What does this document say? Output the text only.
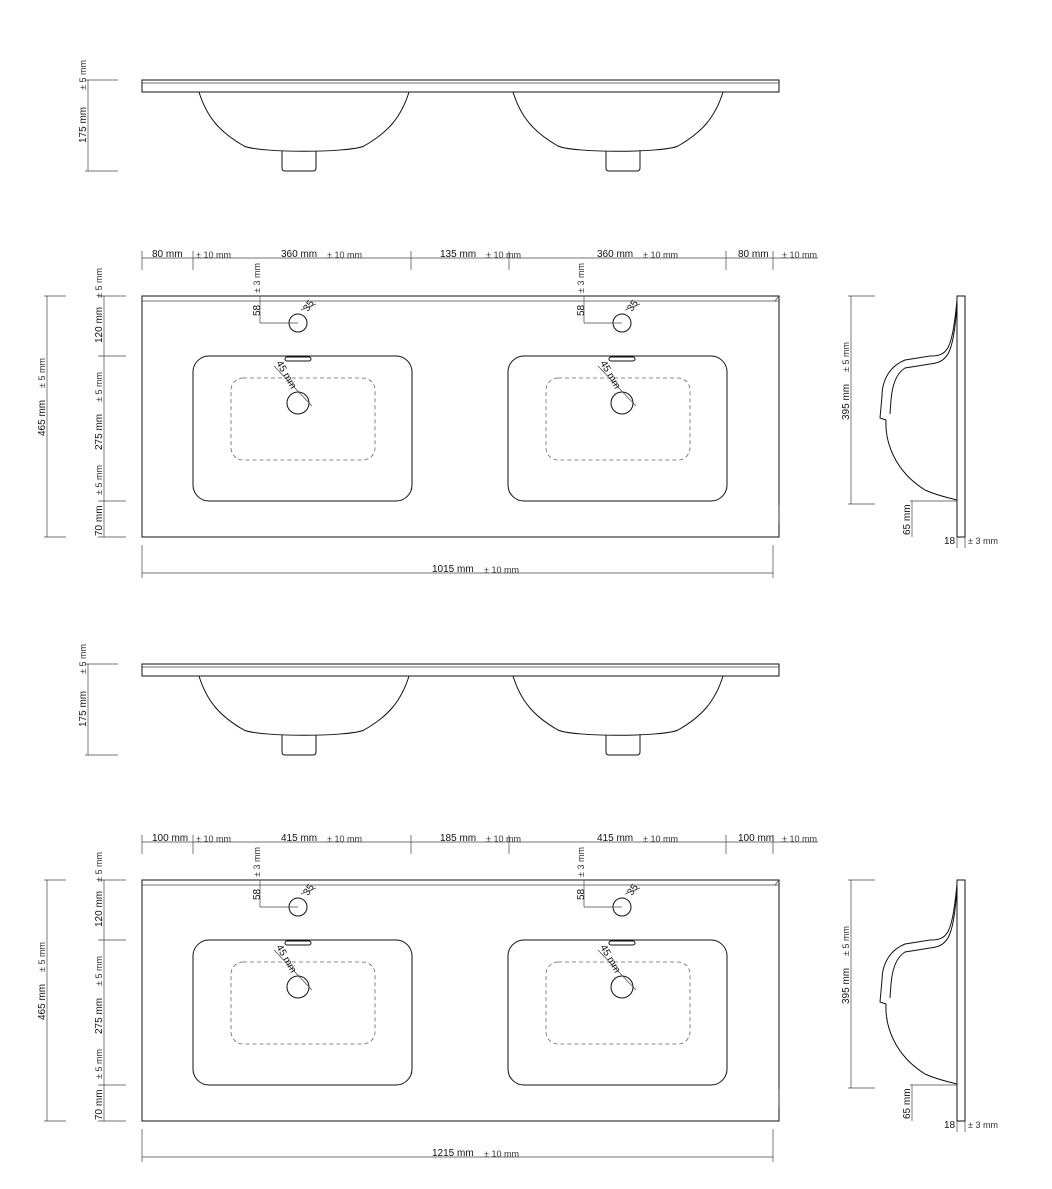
175 mm
± 5 mm
80 mm ± 10 mm	360 mm ± 10 mm	135 mm ± 10 mm	360 mm ± 10 mm	80 mm ± 10 mm
1015 mm ± 10 mm
465 mm
± 5 mm
120 mm
± 5 mm
275 mm
± 5 mm
70 mm
± 5 mm
45 mm
58
± 3 mm
35
45 mm
58
± 3 mm
35
395 mm
± 5 mm
65 mm
18 ± 3 mm
175 mm
± 5 mm
100 mm ± 10 mm	415 mm ± 10 mm	185 mm ± 10 mm	415 mm ± 10 mm	100 mm ± 10 mm
1215 mm ± 10 mm
465 mm
± 5 mm
120 mm
± 5 mm
275 mm
± 5 mm
70 mm
± 5 mm
45 mm
58
± 3 mm
35
45 mm
58
± 3 mm
35
395 mm
± 5 mm
65 mm
18 ± 3 mm
